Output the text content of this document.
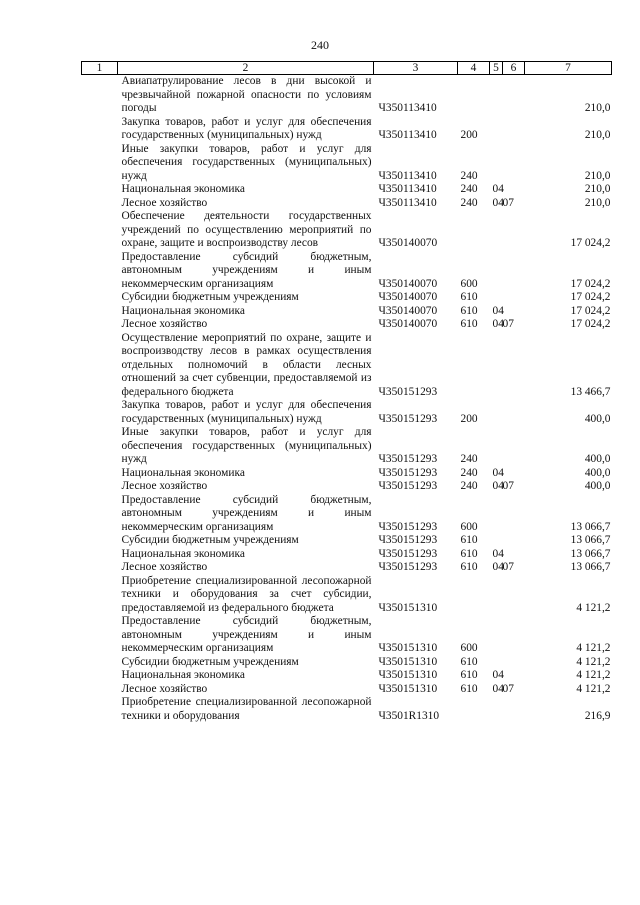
240
1	2	3	4	5	6	7
	Авиапатрулирование лесов в дни высокой и чрезвычайной пожарной опасности по условиям погоды	Ч350113410				210,0
	Закупка товаров, работ и услуг для обеспечения государственных (муниципальных) нужд	Ч350113410	200			210,0
	Иные закупки товаров, работ и услуг для обеспечения государственных (муниципальных) нужд	Ч350113410	240			210,0
	Национальная экономика	Ч350113410	240	04		210,0
	Лесное хозяйство	Ч350113410	240	04	07	210,0
	Обеспечение деятельности государственных учреждений по осуществлению мероприятий по охране, защите и воспроизводству лесов	Ч350140070				17 024,2
	Предоставление субсидий бюджетным, автономным учреждениям и иным некоммерческим организациям	Ч350140070	600			17 024,2
	Субсидии бюджетным учреждениям	Ч350140070	610			17 024,2
	Национальная экономика	Ч350140070	610	04		17 024,2
	Лесное хозяйство	Ч350140070	610	04	07	17 024,2
	Осуществление мероприятий по охране, защите и воспроизводству лесов в рамках осуществления отдельных полномочий в области лесных отношений за счет субвенции, предоставляемой из федерального бюджета	Ч350151293				13 466,7
	Закупка товаров, работ и услуг для обеспечения государственных (муниципальных) нужд	Ч350151293	200			400,0
	Иные закупки товаров, работ и услуг для обеспечения государственных (муниципальных) нужд	Ч350151293	240			400,0
	Национальная экономика	Ч350151293	240	04		400,0
	Лесное хозяйство	Ч350151293	240	04	07	400,0
	Предоставление субсидий бюджетным, автономным учреждениям и иным некоммерческим организациям	Ч350151293	600			13 066,7
	Субсидии бюджетным учреждениям	Ч350151293	610			13 066,7
	Национальная экономика	Ч350151293	610	04		13 066,7
	Лесное хозяйство	Ч350151293	610	04	07	13 066,7
	Приобретение специализированной лесопожарной техники и оборудования за счет субсидии, предоставляемой из федерального бюджета	Ч350151310				4 121,2
	Предоставление субсидий бюджетным, автономным учреждениям и иным некоммерческим организациям	Ч350151310	600			4 121,2
	Субсидии бюджетным учреждениям	Ч350151310	610			4 121,2
	Национальная экономика	Ч350151310	610	04		4 121,2
	Лесное хозяйство	Ч350151310	610	04	07	4 121,2
	Приобретение специализированной лесопожарной техники и оборудования	Ч3501R1310				216,9
